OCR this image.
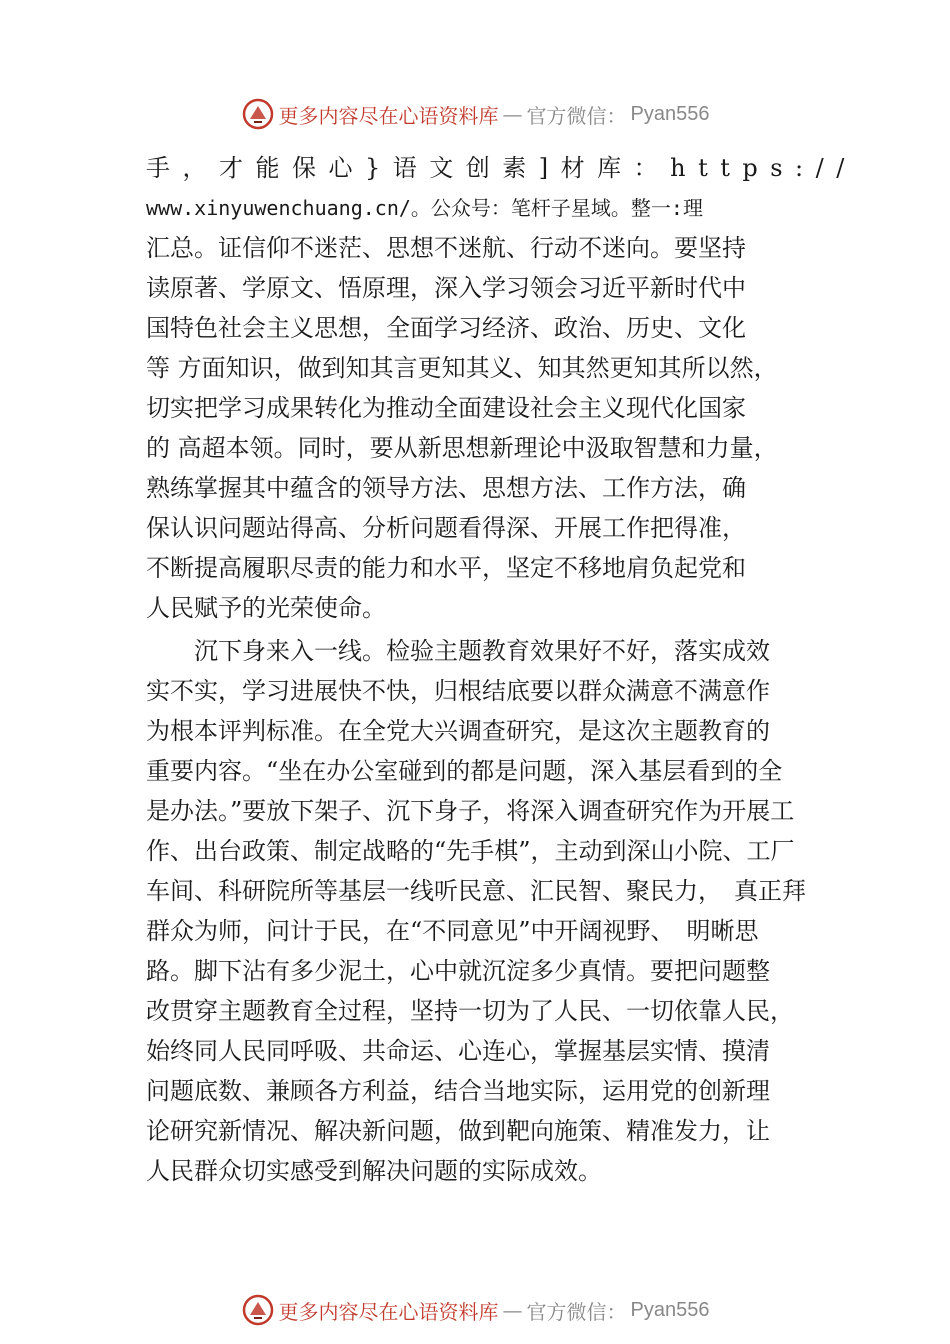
更多内容尽在心语资料库 — 官方微信： Pyan556
手，才能保心}语文创素]材库：https://
www.xinyuwenchuang.cn/。公众号：笔杆子星域。整一:理
汇总。证信仰不迷茫、思想不迷航、行动不迷向。要坚持
读原著、学原文、悟原理，深入学习领会习近平新时代中
国特色社会主义思想，全面学习经济、政治、历史、文化
等 方面知识，做到知其言更知其义、知其然更知其所以然，
切实把学习成果转化为推动全面建设社会主义现代化国家
的 高超本领。同时，要从新思想新理论中汲取智慧和力量，
熟练掌握其中蕴含的领导方法、思想方法、工作方法，确
保认识问题站得高、分析问题看得深、开展工作把得准，
不断提高履职尽责的能力和水平，坚定不移地肩负起党和
人民赋予的光荣使命。
　　沉下身来入一线。检验主题教育效果好不好，落实成效
实不实，学习进展快不快，归根结底要以群众满意不满意作
为根本评判标准。在全党大兴调查研究，是这次主题教育的
重要内容。“坐在办公室碰到的都是问题，深入基层看到的全
是办法。”要放下架子、沉下身子，将深入调查研究作为开展工
作、出台政策、制定战略的“先手棋”，主动到深山小院、工厂
车间、科研院所等基层一线听民意、汇民智、聚民力，　真正拜
群众为师，问计于民，在“不同意见”中开阔视野、　明晰思
路。脚下沾有多少泥土，心中就沉淀多少真情。要把问题整
改贯穿主题教育全过程，坚持一切为了人民、一切依靠人民，
始终同人民同呼吸、共命运、心连心，掌握基层实情、摸清
问题底数、兼顾各方利益，结合当地实际，运用党的创新理
论研究新情况、解决新问题，做到靶向施策、精准发力，让
人民群众切实感受到解决问题的实际成效。
更多内容尽在心语资料库 — 官方微信： Pyan556
